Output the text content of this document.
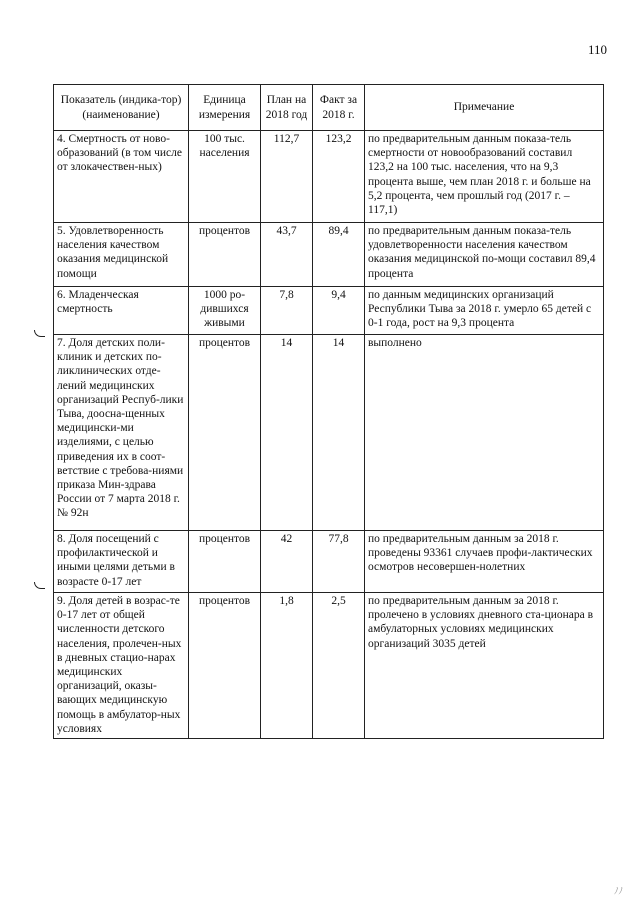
110
Показатель (индика-тор) (наименование)	Единица измерения	План на 2018 год	Факт за 2018 г.	Примечание
4. Смертность от ново-образований (в том числе от злокачествен-ных)	100 тыс. населения	112,7	123,2	по предварительным данным показа-тель смертности от новообразований составил 123,2 на 100 тыс. населения, что на 9,3 процента выше, чем план 2018 г. и больше на 5,2 процента, чем прошлый год (2017 г. – 117,1)
5. Удовлетворенность населения качеством оказания медицинской помощи	процентов	43,7	89,4	по предварительным данным показа-тель удовлетворенности населения качеством оказания медицинской по-мощи составил 89,4 процента
6. Младенческая смертность	1000 ро-дившихся живыми	7,8	9,4	по данным медицинских организаций Республики Тыва за 2018 г. умерло 65 детей с 0-1 года, рост на 9,3 процента
7. Доля детских поли-клиник и детских по-ликлинических отде-лений медицинских организаций Респуб-лики Тыва, дооснa-щенных медицински-ми изделиями, с целью приведения их в соот-ветствие с требова-ниями приказа Мин-здрава России от 7 марта 2018 г. № 92н	процентов	14	14	выполнено
8. Доля посещений с профилактической и иными целями детьми в возрасте 0-17 лет	процентов	42	77,8	по предварительным данным за 2018 г. проведены 93361 случаев профи-лактических осмотров несовершен-нолетних
9. Доля детей в возрас-те 0-17 лет от общей численности детского населения, пролечен-ных в дневных стацио-нарах медицинских организаций, оказы-вающих медицинскую помощь в амбулатор-ных условиях	процентов	1,8	2,5	по предварительным данным за 2018 г. пролечено в условиях дневного ста-ционара в амбулаторных условиях медицинских организаций 3035 детей
ﾉﾉ
